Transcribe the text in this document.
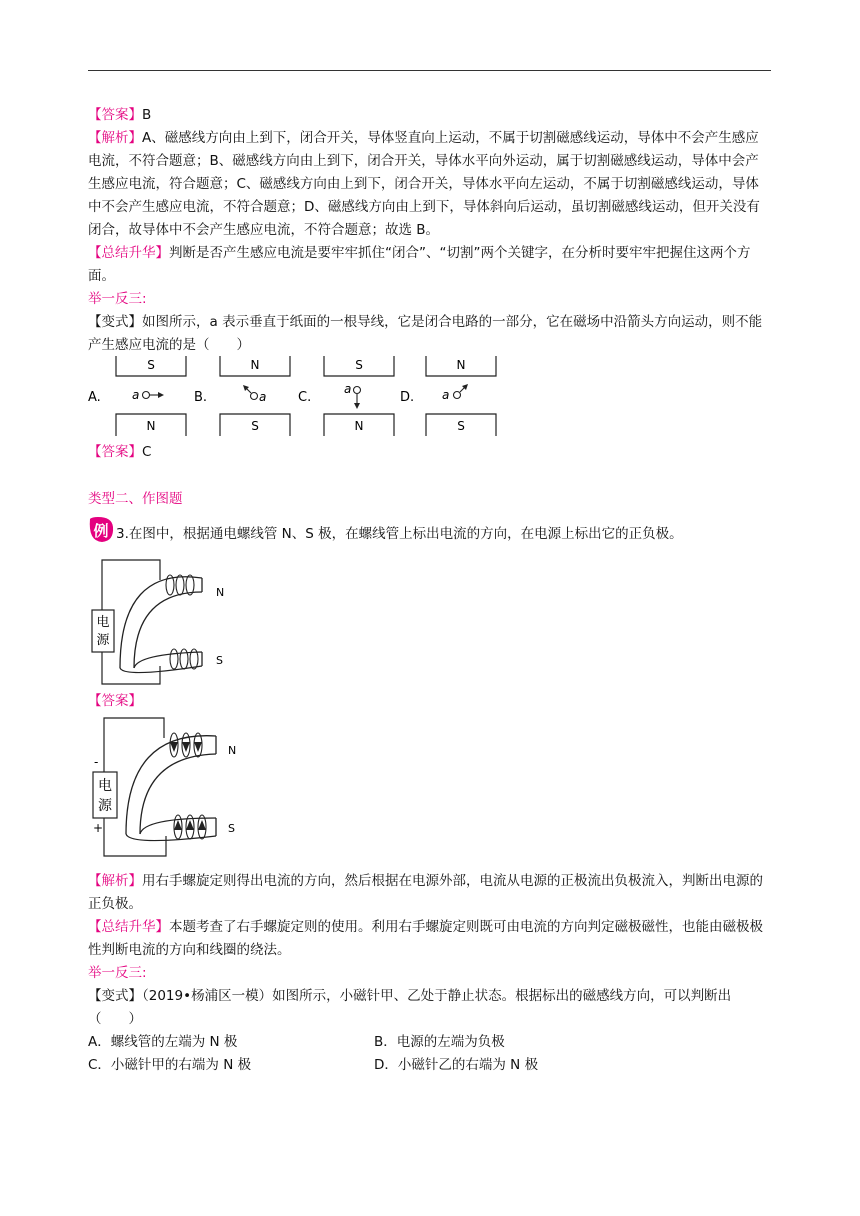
【答案】B

【解析】A、磁感线方向由上到下，闭合开关，导体竖直向上运动，不属于切割磁感线运动，导体中不会产生感应电流，不符合题意；B、磁感线方向由上到下，闭合开关，导体水平向外运动，属于切割磁感线运动，导体中会产生感应电流，符合题意；C、磁感线方向由上到下，闭合开关，导体水平向左运动，不属于切割磁感线运动，导体中不会产生感应电流，不符合题意；D、磁感线方向由上到下，导体斜向后运动，虽切割磁感线运动，但开关没有闭合，故导体中不会产生感应电流，不符合题意；故选 B。

【总结升华】判断是否产生感应电流是要牢牢抓住“闭合”、“切割”两个关键字，在分析时要牢牢把握住这两个方面。

举一反三:

【变式】如图所示，a 表示垂直于纸面的一根导线，它是闭合电路的一部分，它在磁场中沿箭头方向运动，则不能产生感应电流的是（　　）

A.
S
N
a	B.
N
S
a C.
S
N
a
D.
N
S
a

【答案】C

类型二、作图题

例 3.在图中，根据通电螺线管 N、S 极，在螺线管上标出电流的方向，在电源上标出它的正负极。

电
源
N
S

【答案】

电
源
-
+
N
S

【解析】用右手螺旋定则得出电流的方向，然后根据在电源外部，电流从电源的正极流出负极流入，判断出电源的正负极。

【总结升华】本题考查了右手螺旋定则的使用。利用右手螺旋定则既可由电流的方向判定磁极磁性，也能由磁极极性判断电流的方向和线圈的绕法。

举一反三:

【变式】（2019•杨浦区一模）如图所示，小磁针甲、乙处于静止状态。根据标出的磁感线方向，可以判断出（　　）

A．螺线管的左端为 N 极	B．电源的左端为负极
C．小磁针甲的右端为 N 极	D．小磁针乙的右端为 N 极
